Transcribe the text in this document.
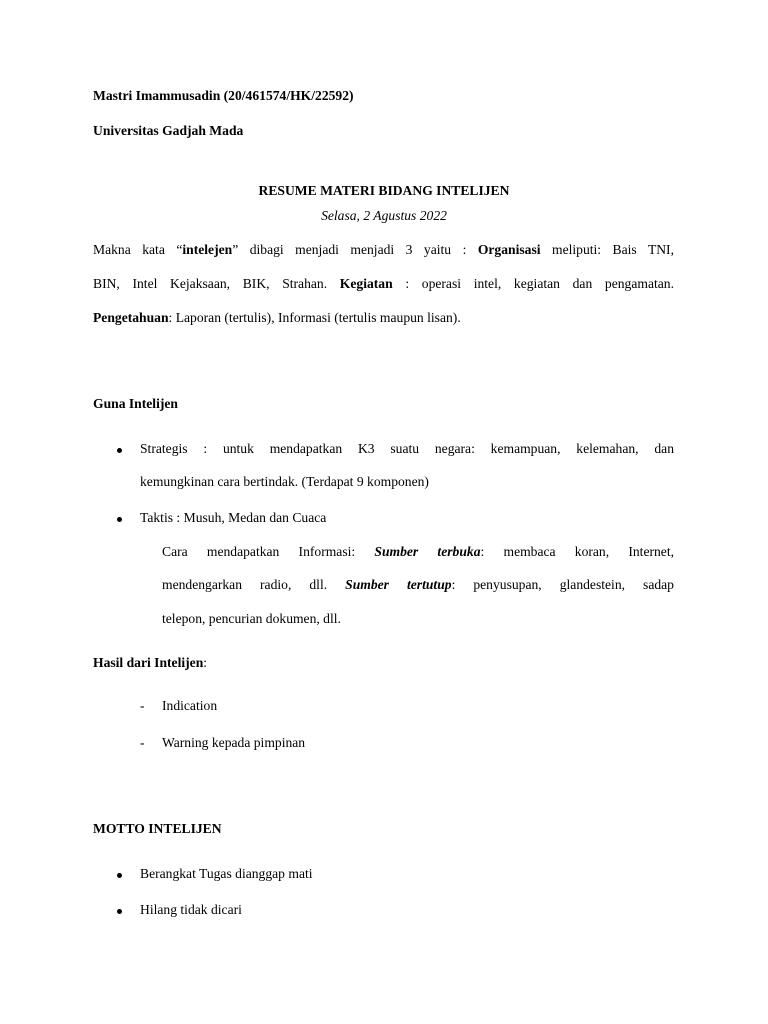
Mastri Imammusadin (20/461574/HK/22592)

Universitas Gadjah Mada

RESUME MATERI BIDANG INTELIJEN

Selasa, 2 Agustus 2022

Makna kata “intelejen” dibagi menjadi menjadi 3 yaitu : Organisasi meliputi: Bais TNI,
BIN, Intel Kejaksaan, BIK, Strahan. Kegiatan : operasi intel, kegiatan dan pengamatan.
Pengetahuan: Laporan (tertulis), Informasi (tertulis maupun lisan).

Guna Intelijen

Strategis : untuk mendapatkan K3 suatu negara: kemampuan, kelemahan, dan
kemungkinan cara bertindak. (Terdapat 9 komponen)
Taktis : Musuh, Medan dan Cuaca
Cara mendapatkan Informasi: Sumber terbuka: membaca koran, Internet,
mendengarkan radio, dll. Sumber tertutup: penyusupan, glandestein, sadap
telepon, pencurian dokumen, dll.

Hasil dari Intelijen:

- Indication
- Warning kepada pimpinan

MOTTO INTELIJEN

Berangkat Tugas dianggap mati
Hilang tidak dicari
